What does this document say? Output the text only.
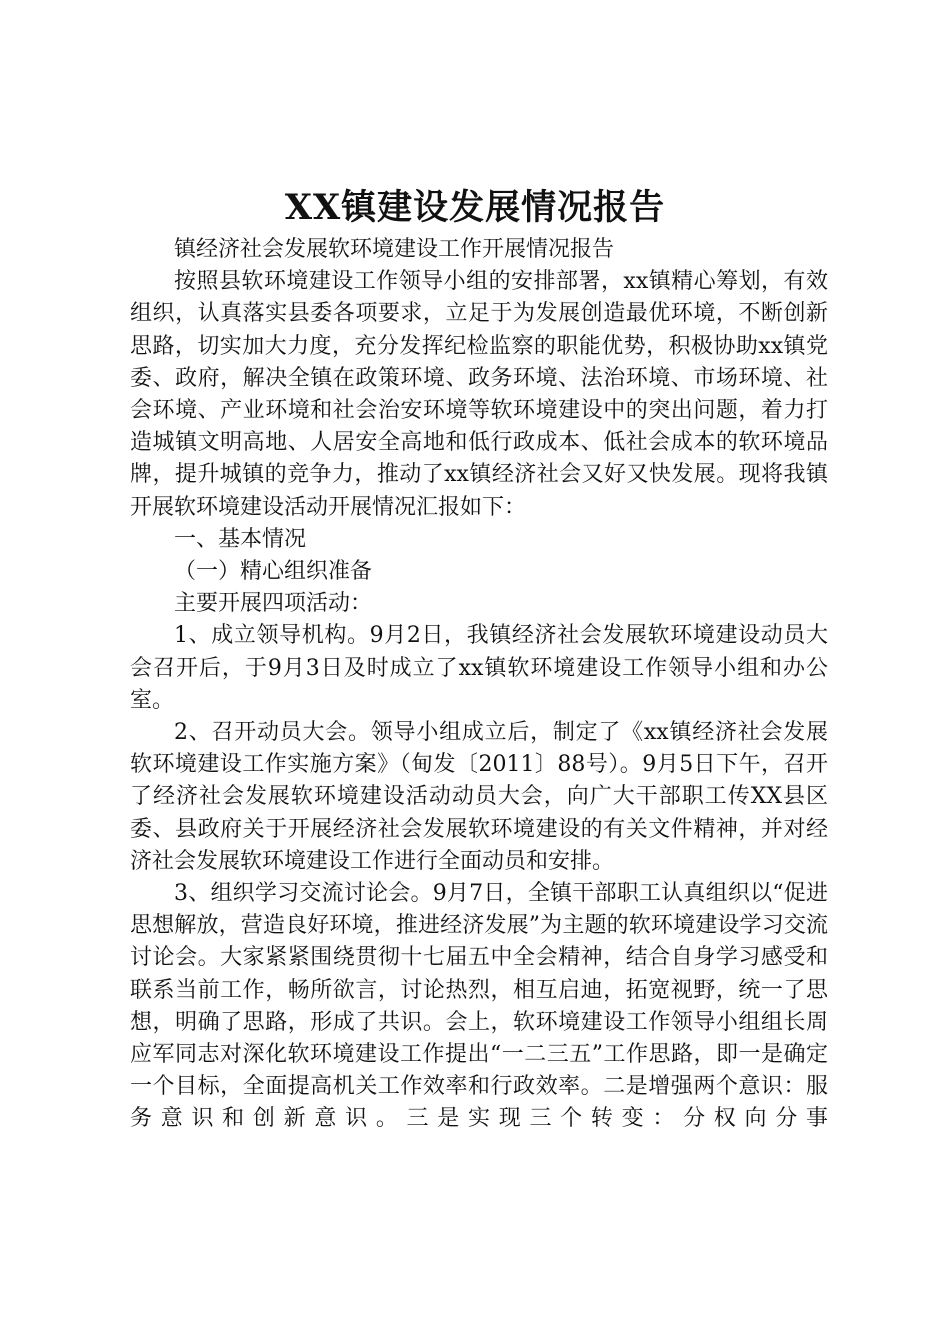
XX镇建设发展情况报告

镇经济社会发展软环境建设工作开展情况报告

按照县软环境建设工作领导小组的安排部署，xx镇精心筹划，有效组织，认真落实县委各项要求，立足于为发展创造最优环境，不断创新思路，切实加大力度，充分发挥纪检监察的职能优势，积极协助xx镇党委、政府，解决全镇在政策环境、政务环境、法治环境、市场环境、社会环境、产业环境和社会治安环境等软环境建设中的突出问题，着力打造城镇文明高地、人居安全高地和低行政成本、低社会成本的软环境品牌，提升城镇的竞争力，推动了xx镇经济社会又好又快发展。现将我镇开展软环境建设活动开展情况汇报如下：

一、基本情况

（一）精心组织准备

主要开展四项活动：

1、成立领导机构。9月2日，我镇经济社会发展软环境建设动员大会召开后，于9月3日及时成立了xx镇软环境建设工作领导小组和办公室。

2、召开动员大会。领导小组成立后，制定了《xx镇经济社会发展软环境建设工作实施方案》（甸发〔2011〕88号）。9月5日下午，召开了经济社会发展软环境建设活动动员大会，向广大干部职工传XX县区委、县政府关于开展经济社会发展软环境建设的有关文件精神，并对经济社会发展软环境建设工作进行全面动员和安排。

3、组织学习交流讨论会。9月7日，全镇干部职工认真组织以“促进思想解放，营造良好环境，推进经济发展”为主题的软环境建设学习交流讨论会。大家紧紧围绕贯彻十七届五中全会精神，结合自身学习感受和联系当前工作，畅所欲言，讨论热烈，相互启迪，拓宽视野，统一了思想，明确了思路，形成了共识。会上，软环境建设工作领导小组组长周应军同志对深化软环境建设工作提出“一二三五”工作思路，即一是确定一个目标，全面提高机关工作效率和行政效率。二是增强两个意识：服务意识和创新意识。三是实现三个转变：分权向分事
